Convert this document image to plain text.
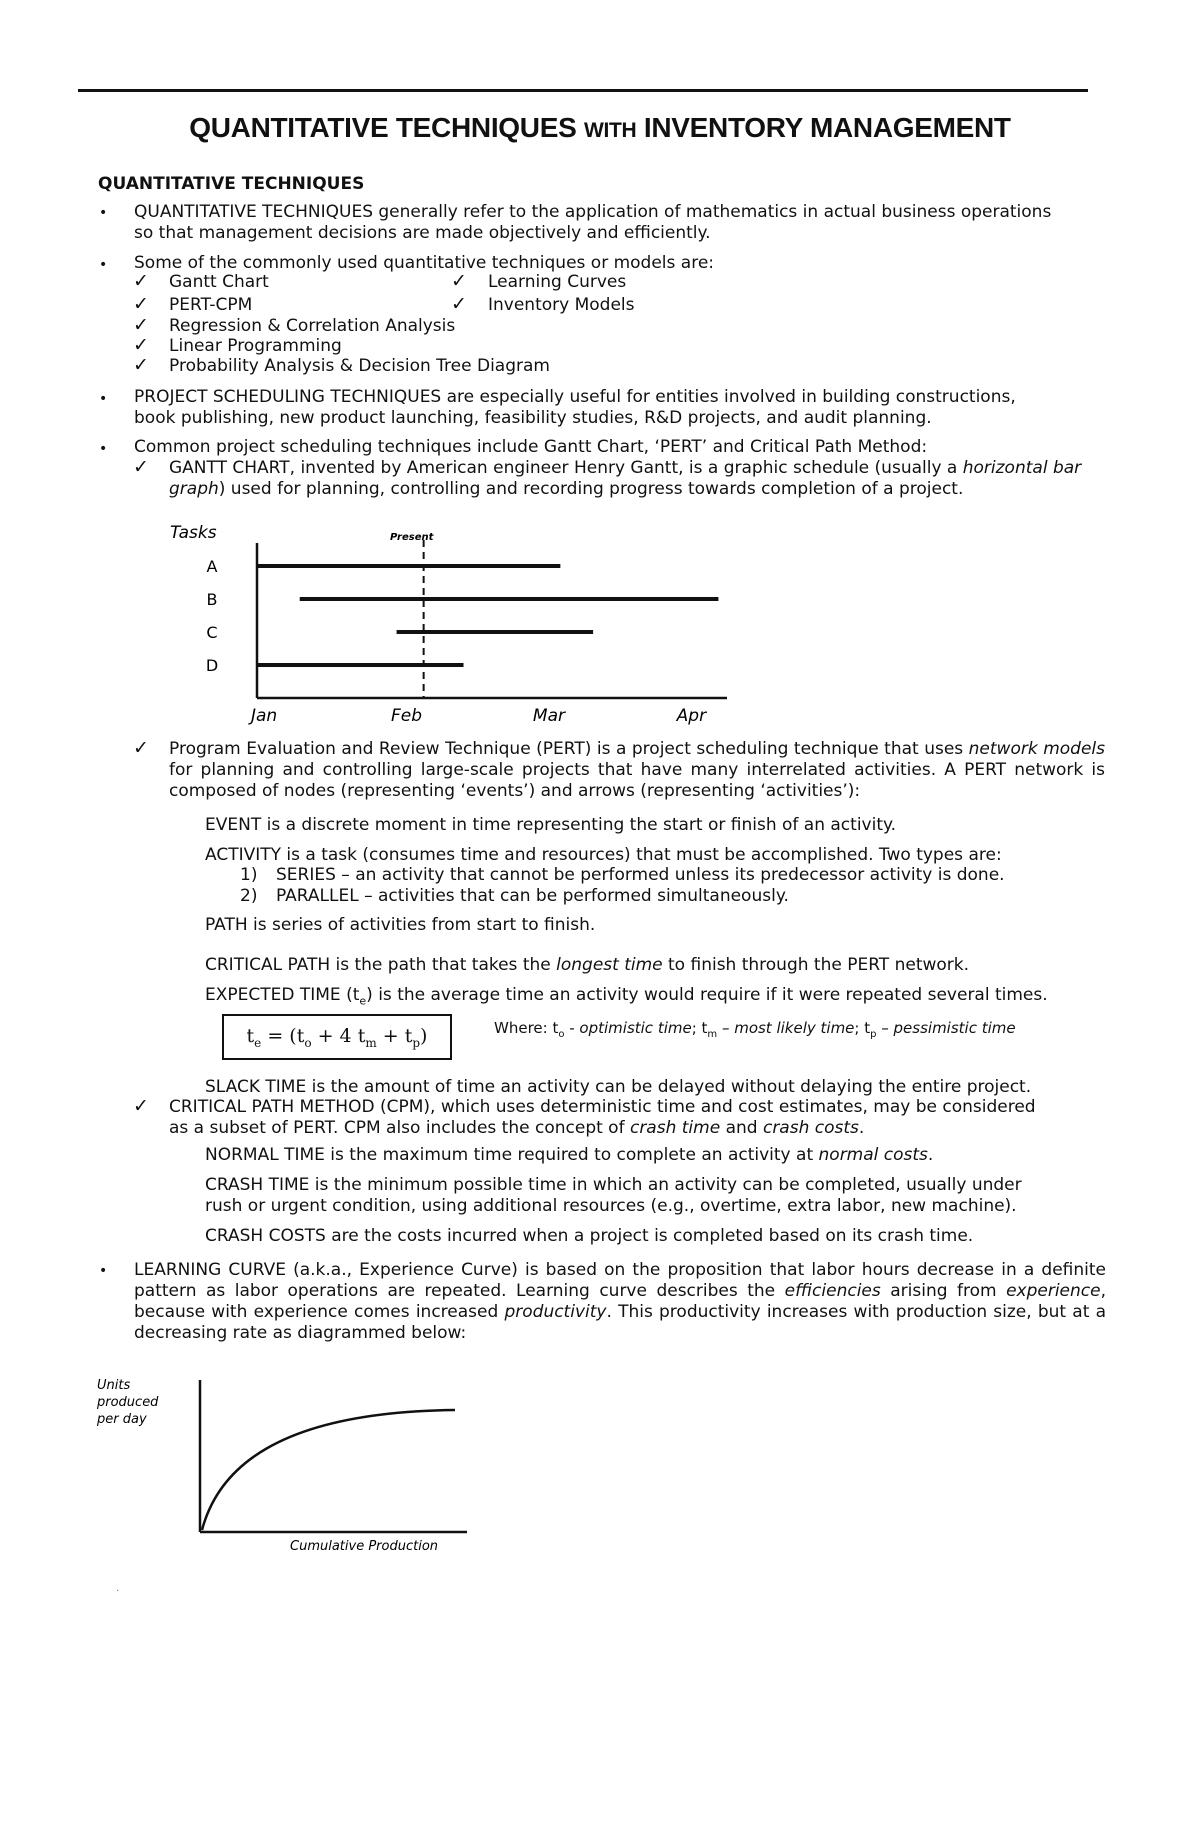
QUANTITATIVE TECHNIQUES WITH INVENTORY MANAGEMENT

QUANTITATIVE TECHNIQUES

• QUANTITATIVE TECHNIQUES generally refer to the application of mathematics in actual business operations

so that management decisions are made objectively and efficiently.

• Some of the commonly used quantitative techniques or models are:

✓ Gantt Chart	✓ Learning Curves

✓ PERT-CPM	✓ Inventory Models

✓ Regression & Correlation Analysis

✓ Linear Programming

✓ Probability Analysis & Decision Tree Diagram

• PROJECT SCHEDULING TECHNIQUES are especially useful for entities involved in building constructions,

book publishing, new product launching, feasibility studies, R&D projects, and audit planning.

• Common project scheduling techniques include Gantt Chart, ‘PERT’ and Critical Path Method:

✓ GANTT CHART, invented by American engineer Henry Gantt, is a graphic schedule (usually a horizontal bar graph) used for planning, controlling and recording progress towards completion of a project.

Tasks	Present
A
B
C
D
Jan	Feb	Mar	Apr
✓ Program Evaluation and Review Technique (PERT) is a project scheduling technique that uses network models for planning and controlling large-scale projects that have many interrelated activities. A PERT network is composed of nodes (representing ‘events’) and arrows (representing ‘activities’):

EVENT is a discrete moment in time representing the start or finish of an activity.

ACTIVITY is a task (consumes time and resources) that must be accomplished. Two types are:

1) SERIES – an activity that cannot be performed unless its predecessor activity is done.

2) PARALLEL – activities that can be performed simultaneously.

PATH is series of activities from start to finish.

CRITICAL PATH is the path that takes the longest time to finish through the PERT network.

EXPECTED TIME $(t_e)$ is the average time an activity would require if it were repeated several times.

$t_e = (t_o + 4$ $t_m + t_p$)	Where: $t_o$ - optimistic time; $t_m$ – most likely time; $t_p$ – pessimistic time

SLACK TIME is the amount of time an activity can be delayed without delaying the entire project.

✓ CRITICAL PATH METHOD (CPM), which uses deterministic time and cost estimates, may be considered

as a subset of PERT. CPM also includes the concept of crash time and crash costs.

NORMAL TIME is the maximum time required to complete an activity at normal costs.

CRASH TIME is the minimum possible time in which an activity can be completed, usually under

rush or urgent condition, using additional resources (e.g., overtime, extra labor, new machine).

CRASH COSTS are the costs incurred when a project is completed based on its crash time.

• LEARNING CURVE (a.k.a., Experience Curve) is based on the proposition that labor hours decrease in a definite pattern as labor operations are repeated. Learning curve describes the efficiencies arising from experience, because with experience comes increased productivity. This productivity increases with production size, but at a decreasing rate as diagrammed below:

Units
produced
per day
Cumulative Production

.
